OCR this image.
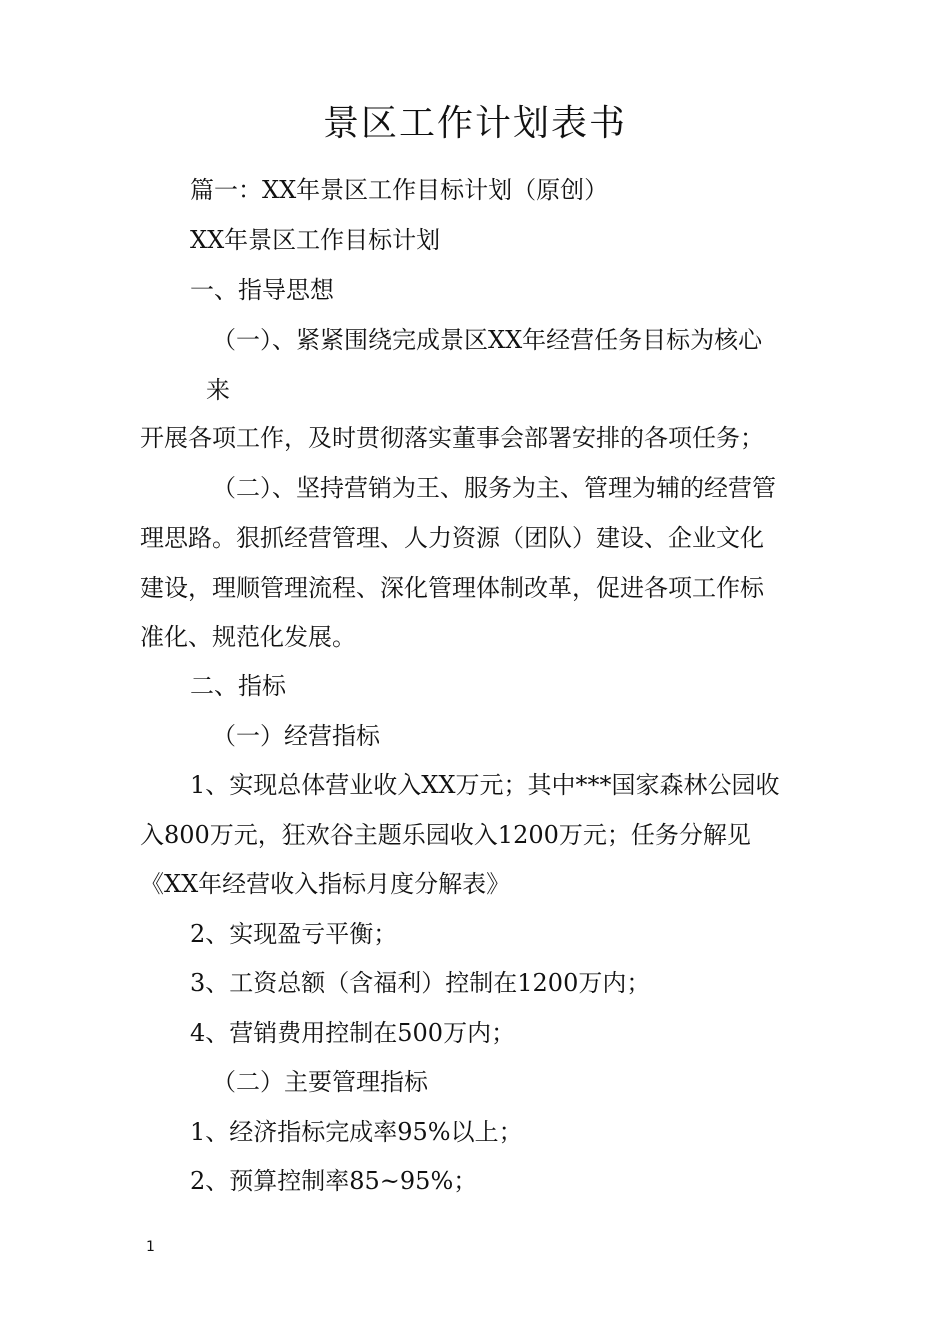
景区工作计划表书
篇一：XX年景区工作目标计划（原创）
XX年景区工作目标计划
一、指导思想
（一）、紧紧围绕完成景区XX年经营任务目标为核心
来
开展各项工作，及时贯彻落实董事会部署安排的各项任务；
（二）、坚持营销为王、服务为主、管理为辅的经营管
理思路。狠抓经营管理、人力资源（团队）建设、企业文化
建设，理顺管理流程、深化管理体制改革，促进各项工作标
准化、规范化发展。
二、指标
（一）经营指标
1、实现总体营业收入XX万元；其中***国家森林公园收
入800万元，狂欢谷主题乐园收入1200万元；任务分解见
《XX年经营收入指标月度分解表》
2、实现盈亏平衡；
3、工资总额（含福利）控制在1200万内；
4、营销费用控制在500万内；
（二）主要管理指标
1、经济指标完成率95%以上；
2、预算控制率85~95%；
1
